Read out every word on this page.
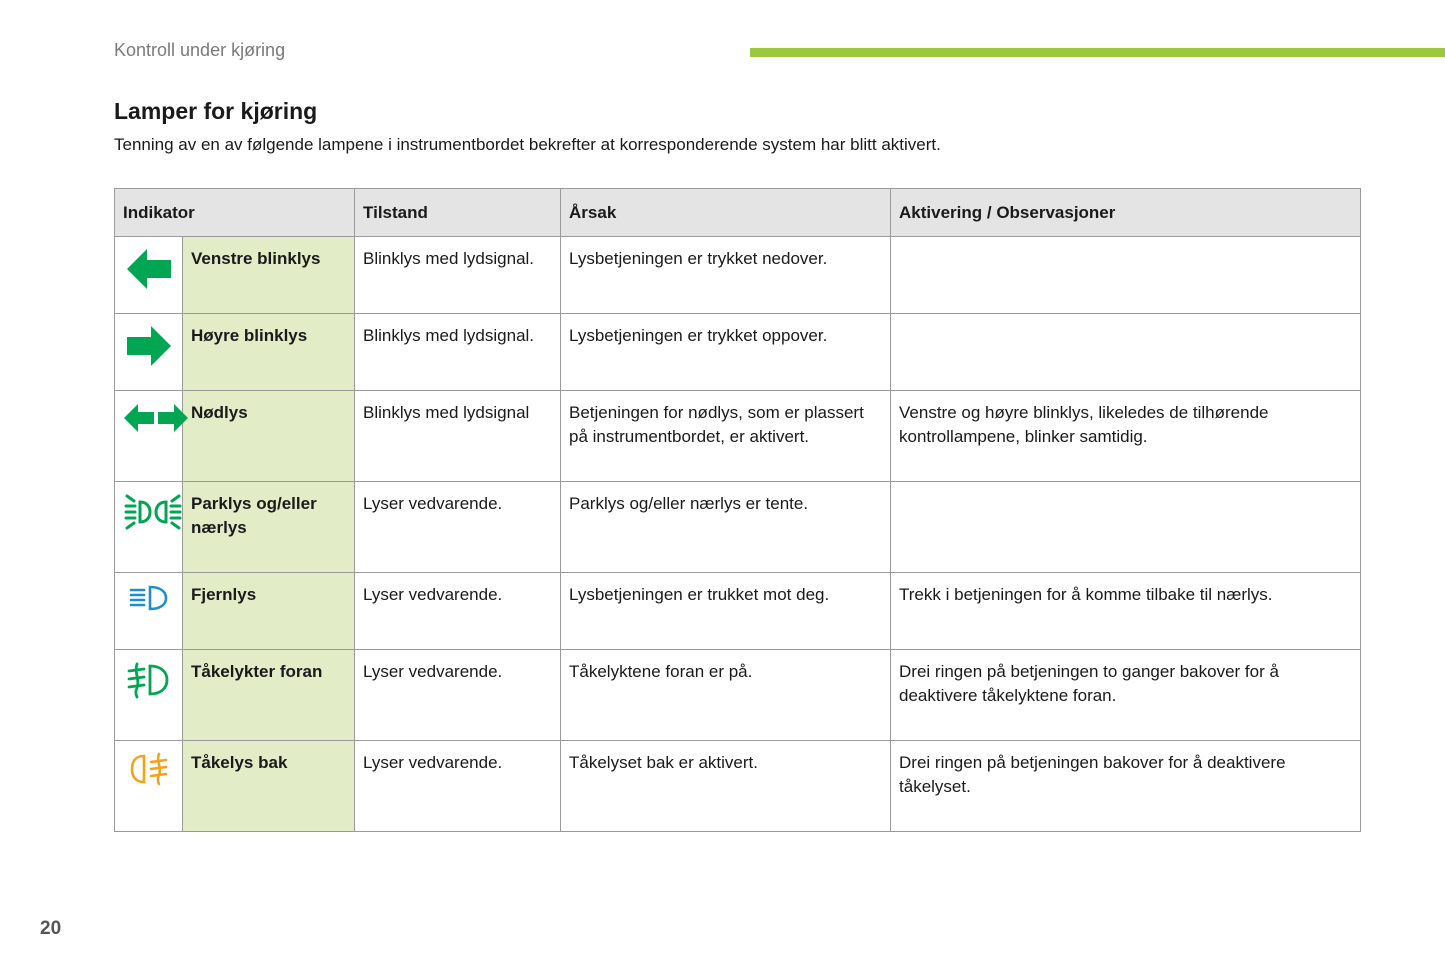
Kontroll under kjøring
Lamper for kjøring
Tenning av en av følgende lampene i instrumentbordet bekrefter at korresponderende system har blitt aktivert.
Indikator		Tilstand	Årsak	Aktivering / Observasjoner

	Venstre blinklys	Blinklys med lydsignal.	Lysbetjeningen er trykket nedover.	

	Høyre blinklys	Blinklys med lydsignal.	Lysbetjeningen er trykket oppover.	

	Nødlys	Blinklys med lydsignal	Betjeningen for nødlys, som er plassert på instrumentbordet, er aktivert.	Venstre og høyre blinklys, likeledes de tilhørende kontrollampene, blinker samtidig.

	Parklys og/eller nærlys	Lyser vedvarende.	Parklys og/eller nærlys er tente.	

	Fjernlys	Lyser vedvarende.	Lysbetjeningen er trukket mot deg.	Trekk i betjeningen for å komme tilbake til nærlys.

	Tåkelykter foran	Lyser vedvarende.	Tåkelyktene foran er på.	Drei ringen på betjeningen to ganger bakover for å deaktivere tåkelyktene foran.

	Tåkelys bak	Lyser vedvarende.	Tåkelyset bak er aktivert.	Drei ringen på betjeningen bakover for å deaktivere tåkelyset.
20
